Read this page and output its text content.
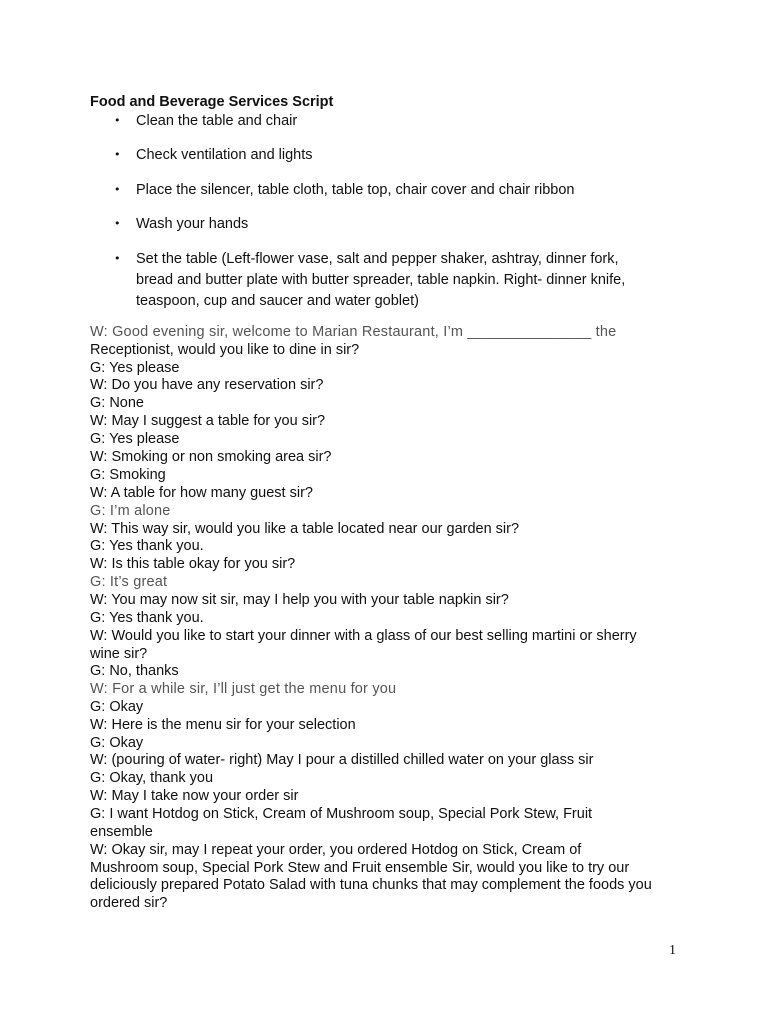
Food and Beverage Services Script
•	Clean the table and chair
•	Check ventilation and lights
•	Place the silencer, table cloth, table top, chair cover and chair ribbon
•	Wash your hands
•	Set the table (Left-flower vase, salt and pepper shaker, ashtray, dinner fork,
bread and butter plate with butter spreader, table napkin. Right- dinner knife,
teaspoon, cup and saucer and water goblet)
W: Good evening sir, welcome to Marian Restaurant, I’m _______________ the
Receptionist, would you like to dine in sir?
G: Yes please
W: Do you have any reservation sir?
G: None
W: May I suggest a table for you sir?
G: Yes please
W: Smoking or non smoking area sir?
G: Smoking
W: A table for how many guest sir?
G: I’m alone
W: This way sir, would you like a table located near our garden sir?
G: Yes thank you.
W: Is this table okay for you sir?
G: It’s great
W: You may now sit sir, may I help you with your table napkin sir?
G: Yes thank you.
W: Would you like to start your dinner with a glass of our best selling martini or sherry
wine sir?
G: No, thanks
W: For a while sir, I’ll just get the menu for you
G: Okay
W: Here is the menu sir for your selection
G: Okay
W: (pouring of water- right) May I pour a distilled chilled water on your glass sir
G: Okay, thank you
W: May I take now your order sir
G: I want Hotdog on Stick, Cream of Mushroom soup, Special Pork Stew, Fruit
ensemble
W: Okay sir, may I repeat your order, you ordered Hotdog on Stick, Cream of
Mushroom soup, Special Pork Stew and Fruit ensemble Sir, would you like to try our
deliciously prepared Potato Salad with tuna chunks that may complement the foods you
ordered sir?
1
